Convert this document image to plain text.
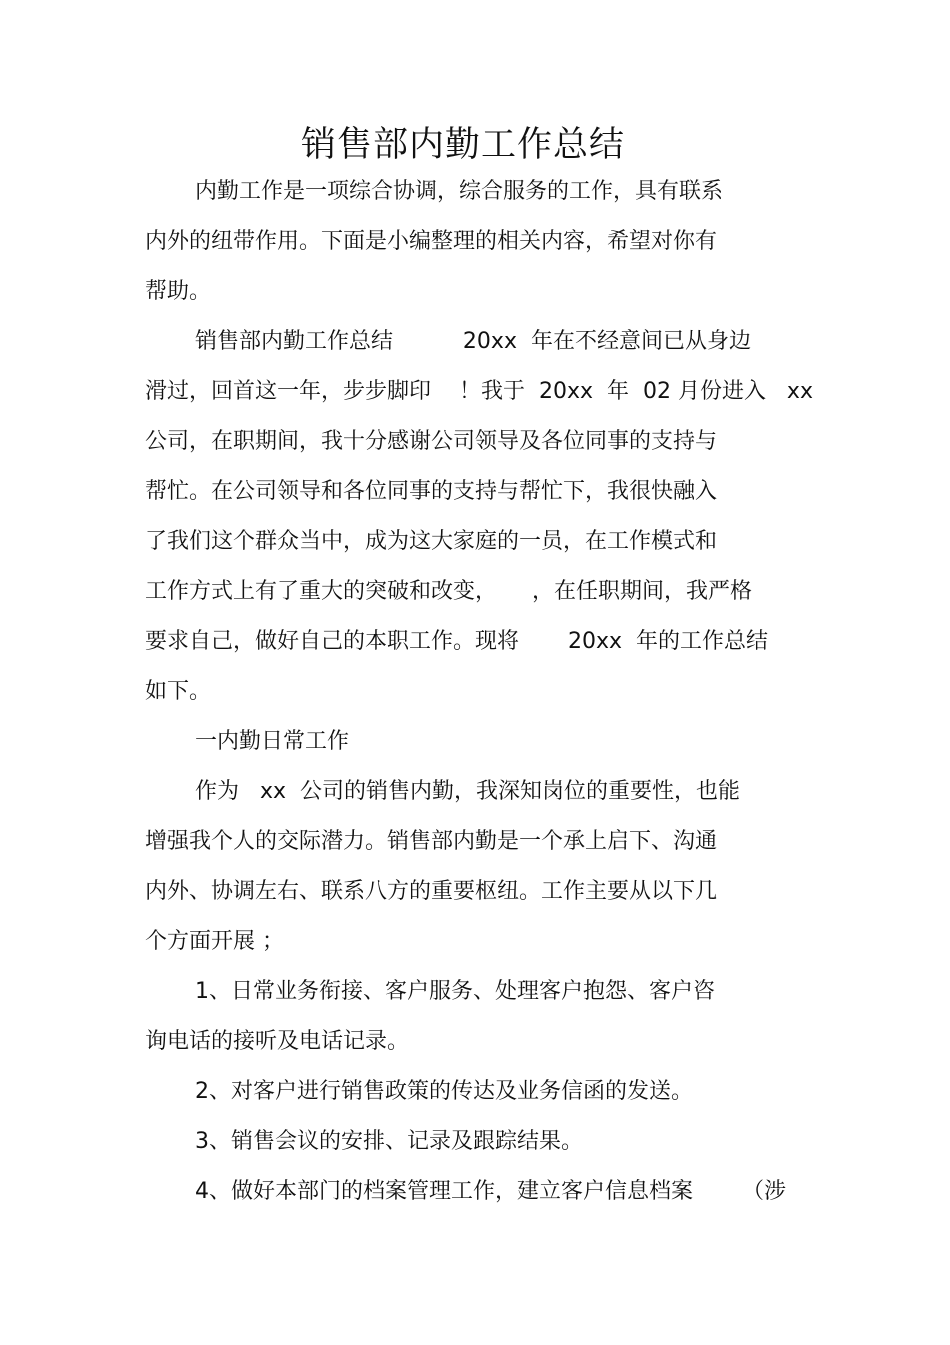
销售部内勤工作总结
内勤工作是一项综合协调，综合服务的工作，具有联系
内外的纽带作用。下面是小编整理的相关内容，希望对你有
帮助。
销售部内勤工作总结          20xx  年在不经意间已从身边
滑过，回首这一年，步步脚印    ！我于  20xx  年  02 月份进入   xx
公司，在职期间，我十分感谢公司领导及各位同事的支持与
帮忙。在公司领导和各位同事的支持与帮忙下，我很快融入
了我们这个群众当中，成为这大家庭的一员，在工作模式和
工作方式上有了重大的突破和改变，     ，在任职期间，我严格
要求自己，做好自己的本职工作。现将       20xx  年的工作总结
如下。
一内勤日常工作
作为   xx  公司的销售内勤，我深知岗位的重要性，也能
增强我个人的交际潜力。销售部内勤是一个承上启下、沟通
内外、协调左右、联系八方的重要枢纽。工作主要从以下几
个方面开展 ；
1、日常业务衔接、客户服务、处理客户抱怨、客户咨
询电话的接听及电话记录。
2、对客户进行销售政策的传达及业务信函的发送。
3、销售会议的安排、记录及跟踪结果。
4、做好本部门的档案管理工作，建立客户信息档案       （涉
